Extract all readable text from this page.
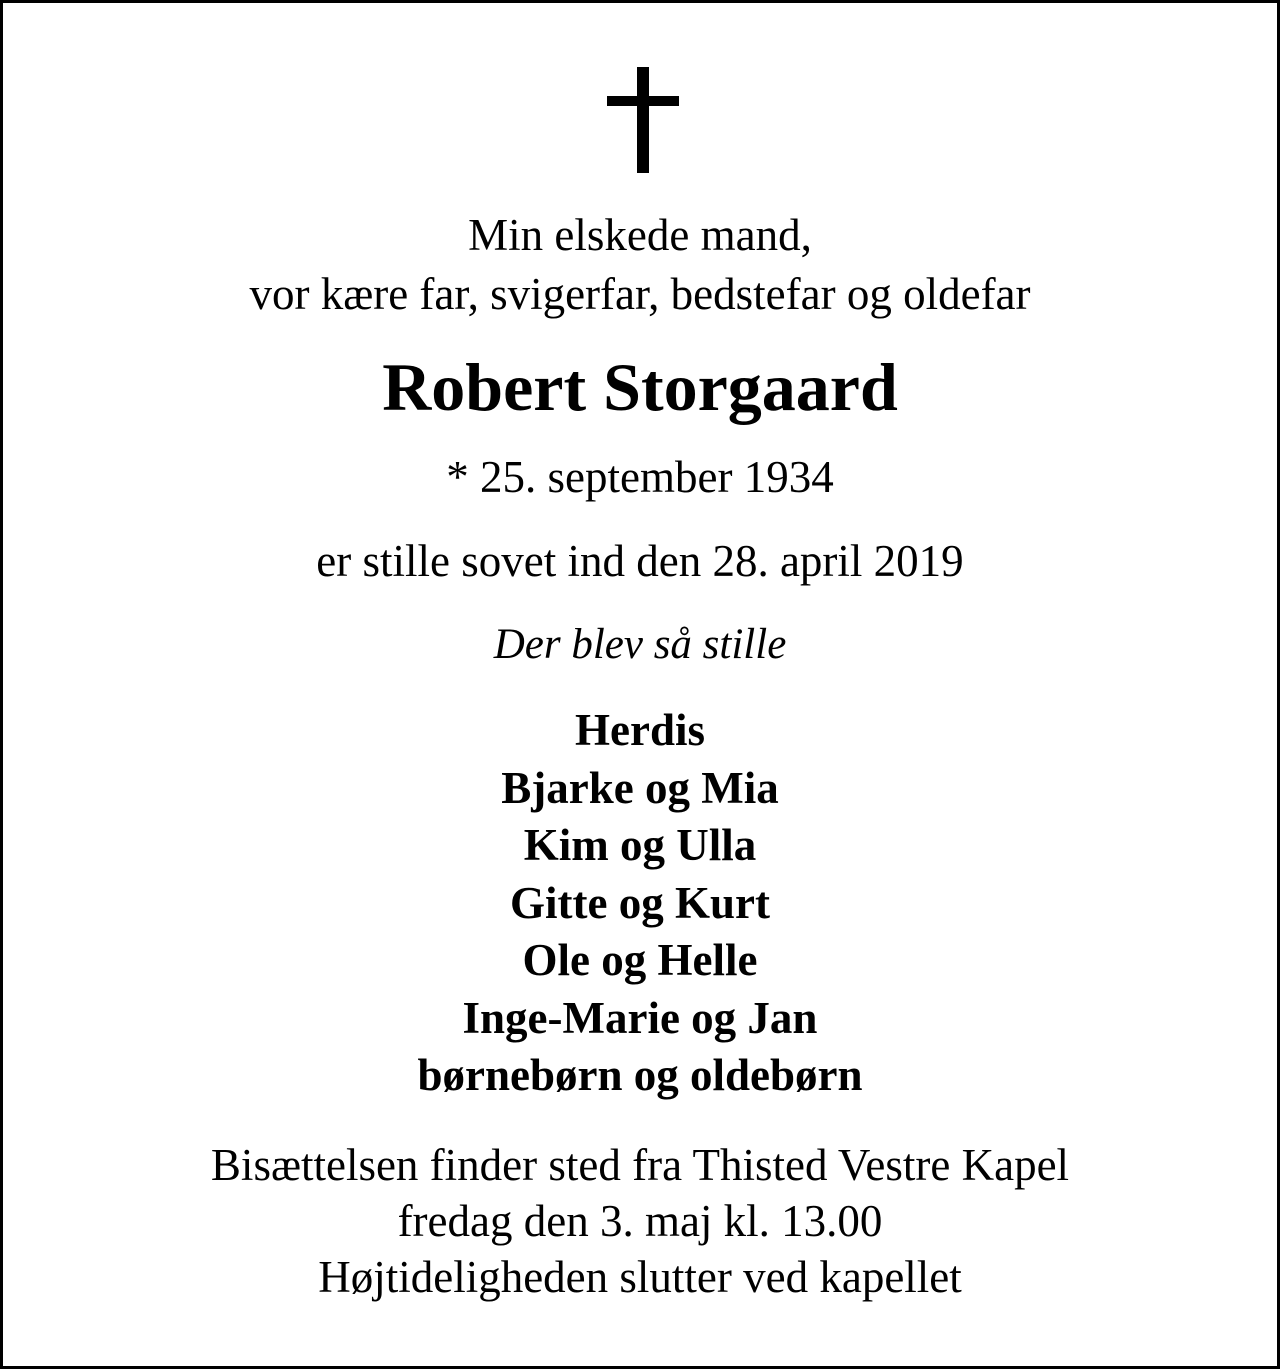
Min elskede mand,
vor kære far, svigerfar, bedstefar og oldefar
Robert Storgaard
* 25. september 1934
er stille sovet ind den 28. april 2019
Der blev så stille
Herdis
Bjarke og Mia
Kim og Ulla
Gitte og Kurt
Ole og Helle
Inge-Marie og Jan
børnebørn og oldebørn
Bisættelsen finder sted fra Thisted Vestre Kapel
fredag den 3. maj kl. 13.00
Højtideligheden slutter ved kapellet
